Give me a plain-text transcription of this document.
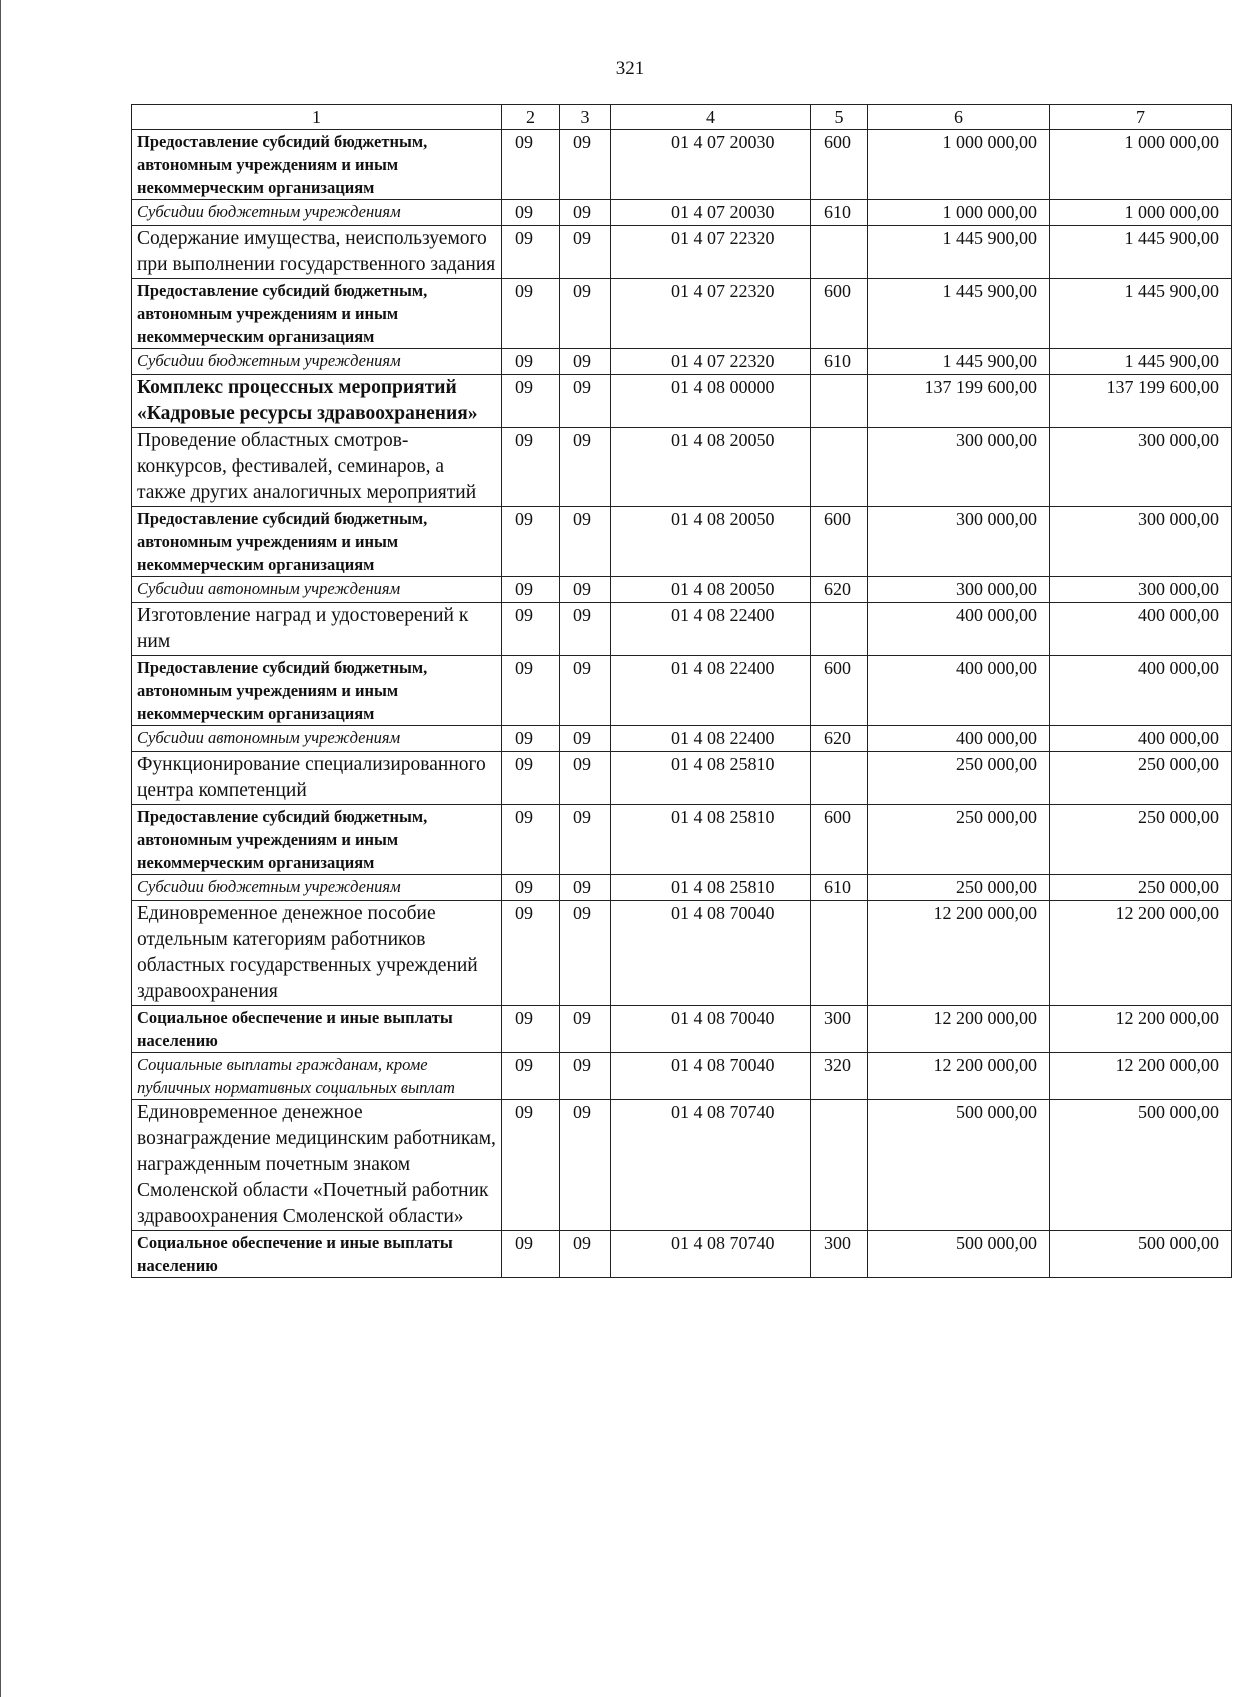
321
1	2	3	4	5	6	7
Предоставление субсидий бюджетным, автономным учреждениям и иным некоммерческим организациям	09	09	01 4 07 20030	600	1 000 000,00	1 000 000,00
Субсидии бюджетным учреждениям	09	09	01 4 07 20030	610	1 000 000,00	1 000 000,00
Содержание имущества, неиспользуемого при выполнении государственного задания	09	09	01 4 07 22320		1 445 900,00	1 445 900,00
Предоставление субсидий бюджетным, автономным учреждениям и иным некоммерческим организациям	09	09	01 4 07 22320	600	1 445 900,00	1 445 900,00
Субсидии бюджетным учреждениям	09	09	01 4 07 22320	610	1 445 900,00	1 445 900,00
Комплекс процессных мероприятий «Кадровые ресурсы здравоохранения»	09	09	01 4 08 00000		137 199 600,00	137 199 600,00
Проведение областных смотров-конкурсов, фестивалей, семинаров, а также других аналогичных мероприятий	09	09	01 4 08 20050		300 000,00	300 000,00
Предоставление субсидий бюджетным, автономным учреждениям и иным некоммерческим организациям	09	09	01 4 08 20050	600	300 000,00	300 000,00
Субсидии автономным учреждениям	09	09	01 4 08 20050	620	300 000,00	300 000,00
Изготовление наград и удостоверений к ним	09	09	01 4 08 22400		400 000,00	400 000,00
Предоставление субсидий бюджетным, автономным учреждениям и иным некоммерческим организациям	09	09	01 4 08 22400	600	400 000,00	400 000,00
Субсидии автономным учреждениям	09	09	01 4 08 22400	620	400 000,00	400 000,00
Функционирование специализированного центра компетенций	09	09	01 4 08 25810		250 000,00	250 000,00
Предоставление субсидий бюджетным, автономным учреждениям и иным некоммерческим организациям	09	09	01 4 08 25810	600	250 000,00	250 000,00
Субсидии бюджетным учреждениям	09	09	01 4 08 25810	610	250 000,00	250 000,00
Единовременное денежное пособие отдельным категориям работников областных государственных учреждений здравоохранения	09	09	01 4 08 70040		12 200 000,00	12 200 000,00
Социальное обеспечение и иные выплаты населению	09	09	01 4 08 70040	300	12 200 000,00	12 200 000,00
Социальные выплаты гражданам, кроме публичных нормативных социальных выплат	09	09	01 4 08 70040	320	12 200 000,00	12 200 000,00
Единовременное денежное вознаграждение медицинским работникам, награжденным почетным знаком Смоленской области «Почетный работник здравоохранения Смоленской области»	09	09	01 4 08 70740		500 000,00	500 000,00
Социальное обеспечение и иные выплаты населению	09	09	01 4 08 70740	300	500 000,00	500 000,00
